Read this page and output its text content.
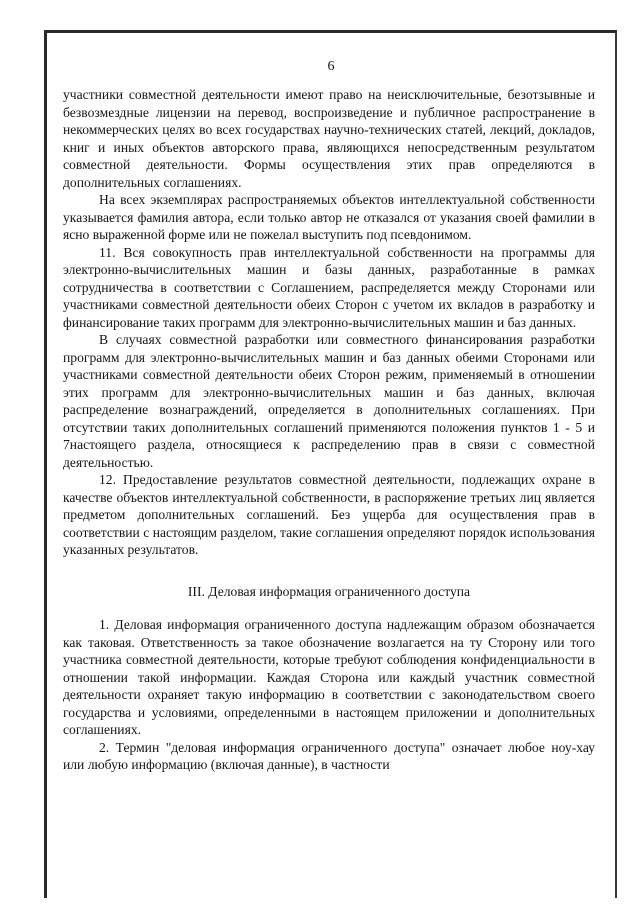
6

участники совместной деятельности имеют право на неисключительные, безотзывные и безвозмездные лицензии на перевод, воспроизведение и публичное распространение в некоммерческих целях во всех государствах научно-технических статей, лекций, докладов, книг и иных объектов авторского права, являющихся непосредственным результатом совместной деятельности. Формы осуществления этих прав определяются в дополнительных соглашениях.

На всех экземплярах распространяемых объектов интеллектуальной собственности указывается фамилия автора, если только автор не отказался от указания своей фамилии в ясно выраженной форме или не пожелал выступить под псевдонимом.

11. Вся совокупность прав интеллектуальной собственности на программы для электронно-вычислительных машин и базы данных, разработанные в рамках сотрудничества в соответствии с Соглашением, распределяется между Сторонами или участниками совместной деятельности обеих Сторон с учетом их вкладов в разработку и финансирование таких программ для электронно-вычислительных машин и баз данных.

В случаях совместной разработки или совместного финансирования разработки программ для электронно-вычислительных машин и баз данных обеими Сторонами или участниками совместной деятельности обеих Сторон режим, применяемый в отношении этих программ для электронно-вычислительных машин и баз данных, включая распределение вознаграждений, определяется в дополнительных соглашениях. При отсутствии таких дополнительных соглашений применяются положения пунктов 1 - 5 и 7настоящего раздела, относящиеся к распределению прав в связи с совместной деятельностью.

12. Предоставление результатов совместной деятельности, подлежащих охране в качестве объектов интеллектуальной собственности, в распоряжение третьих лиц является предметом дополнительных соглашений. Без ущерба для осуществления прав в соответствии с настоящим разделом, такие соглашения определяют порядок использования указанных результатов.

III. Деловая информация ограниченного доступа

1. Деловая информация ограниченного доступа надлежащим образом обозначается как таковая. Ответственность за такое обозначение возлагается на ту Сторону или того участника совместной деятельности, которые требуют соблюдения конфиденциальности в отношении такой информации. Каждая Сторона или каждый участник совместной деятельности охраняет такую информацию в соответствии с законодательством своего государства и условиями, определенными в настоящем приложении и дополнительных соглашениях.

2. Термин "деловая информация ограниченного доступа" означает любое ноу-хау или любую информацию (включая данные), в частности
